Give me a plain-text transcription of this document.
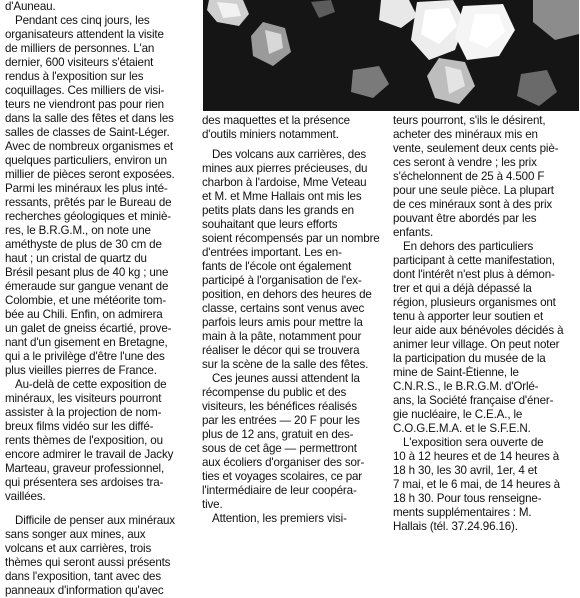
d'Auneau.
Pendant ces cinq jours, les
organisateurs attendent la visite
de milliers de personnes. L'an
dernier, 600 visiteurs s'étaient
rendus à l'exposition sur les
coquillages. Ces milliers de visi-
teurs ne viendront pas pour rien
dans la salle des fêtes et dans les
salles de classes de Saint-Léger.
Avec de nombreux organismes et
quelques particuliers, environ un
millier de pièces seront exposées.
Parmi les minéraux les plus inté-
ressants, prêtés par le Bureau de
recherches géologiques et miniè-
res, le B.R.G.M., on note une
améthyste de plus de 30 cm de
haut ; un cristal de quartz du
Brésil pesant plus de 40 kg ; une
émeraude sur gangue venant de
Colombie, et une météorite tom-
bée au Chili. Enfin, on admirera
un galet de gneiss écartié, prove-
nant d'un gisement en Bretagne,
qui a le privilège d'être l'une des
plus vieilles pierres de France.
Au-delà de cette exposition de
minéraux, les visiteurs pourront
assister à la projection de nom-
breux films vidéo sur les diffé-
rents thèmes de l'exposition, ou
encore admirer le travail de Jacky
Marteau, graveur professionnel,
qui présentera ses ardoises tra-
vaillées.
Difficile de penser aux minéraux
sans songer aux mines, aux
volcans et aux carrières, trois
thèmes qui seront aussi présents
dans l'exposition, tant avec des
panneaux d'information qu'avec
des maquettes et la présence
d'outils miniers notamment.
Des volcans aux carrières, des
mines aux pierres précieuses, du
charbon à l'ardoise, Mme Veteau
et M. et Mme Hallais ont mis les
petits plats dans les grands en
souhaitant que leurs efforts
soient récompensés par un nombre
d'entrées important. Les en-
fants de l'école ont également
participé à l'organisation de l'ex-
position, en dehors des heures de
classe, certains sont venus avec
parfois leurs amis pour mettre la
main à la pâte, notamment pour
réaliser le décor qui se trouvera
sur la scène de la salle des fêtes.
Ces jeunes aussi attendent la
récompense du public et des
visiteurs, les bénéfices réalisés
par les entrées — 20 F pour les
plus de 12 ans, gratuit en des-
sous de cet âge — permettront
aux écoliers d'organiser des sor-
ties et voyages scolaires, ce par
l'intermédiaire de leur coopéra-
tive.
Attention, les premiers visi-
teurs pourront, s'ils le désirent,
acheter des minéraux mis en
vente, seulement deux cents piè-
ces seront à vendre ; les prix
s'échelonnent de 25 à 4.500 F
pour une seule pièce. La plupart
de ces minéraux sont à des prix
pouvant être abordés par les
enfants.
En dehors des particuliers
participant à cette manifestation,
dont l'intérêt n'est plus à démon-
trer et qui a déjà dépassé la
région, plusieurs organismes ont
tenu à apporter leur soutien et
leur aide aux bénévoles décidés à
animer leur village. On peut noter
la participation du musée de la
mine de Saint-Étienne, le
C.N.R.S., le B.R.G.M. d'Orlé-
ans, la Société française d'éner-
gie nucléaire, le C.E.A., le
C.O.G.E.M.A. et le S.F.E.N.
L'exposition sera ouverte de
10 à 12 heures et de 14 heures à
18 h 30, les 30 avril, 1er, 4 et
7 mai, et le 6 mai, de 14 heures à
18 h 30. Pour tous renseigne-
ments supplémentaires : M.
Hallais (tél. 37.24.96.16).
